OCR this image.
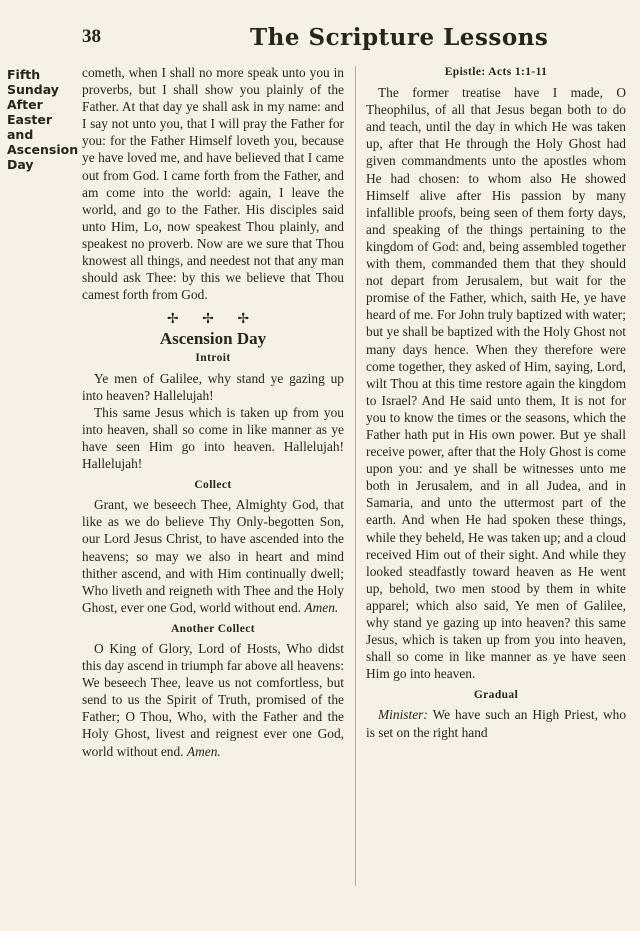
38	The Scripture Lessons
Fifth
Sunday
After
Easter and
Ascension
Day

cometh, when I shall no more speak unto you in proverbs, but I shall show you plainly of the Father. At that day ye shall ask in my name: and I say not unto you, that I will pray the Father for you: for the Father Himself loveth you, because ye have loved me, and have believed that I came out from God. I came forth from the Father, and am come into the world: again, I leave the world, and go to the Father. His disciples said unto Him, Lo, now speakest Thou plainly, and speakest no proverb. Now are we sure that Thou knowest all things, and needest not that any man should ask Thee: by this we believe that Thou camest forth from God.

✢ ✢ ✢
Ascension Day
Introit

Ye men of Galilee, why stand ye gazing up into heaven? Hallelujah!

This same Jesus which is taken up from you into heaven, shall so come in like manner as ye have seen Him go into heaven. Hallelujah! Hallelujah!

Collect

Grant, we beseech Thee, Almighty God, that like as we do believe Thy Only-begotten Son, our Lord Jesus Christ, to have ascended into the heavens; so may we also in heart and mind thither ascend, and with Him continually dwell; Who liveth and reigneth with Thee and the Holy Ghost, ever one God, world without end. Amen.

Another Collect

O King of Glory, Lord of Hosts, Who didst this day ascend in triumph far above all heavens: We beseech Thee, leave us not comfortless, but send to us the Spirit of Truth, promised of the Father; O Thou, Who, with the Father and the Holy Ghost, livest and reignest ever one God, world without end. Amen.

Epistle: Acts 1:1-11

The former treatise have I made, O Theophilus, of all that Jesus began both to do and teach, until the day in which He was taken up, after that He through the Holy Ghost had given commandments unto the apostles whom He had chosen: to whom also He showed Himself alive after His passion by many infallible proofs, being seen of them forty days, and speaking of the things pertaining to the kingdom of God: and, being assembled together with them, commanded them that they should not depart from Jerusalem, but wait for the promise of the Father, which, saith He, ye have heard of me. For John truly baptized with water; but ye shall be baptized with the Holy Ghost not many days hence. When they therefore were come together, they asked of Him, saying, Lord, wilt Thou at this time restore again the kingdom to Israel? And He said unto them, It is not for you to know the times or the seasons, which the Father hath put in His own power. But ye shall receive power, after that the Holy Ghost is come upon you: and ye shall be witnesses unto me both in Jerusalem, and in all Judea, and in Samaria, and unto the uttermost part of the earth. And when He had spoken these things, while they beheld, He was taken up; and a cloud received Him out of their sight. And while they looked steadfastly toward heaven as He went up, behold, two men stood by them in white apparel; which also said, Ye men of Galilee, why stand ye gazing up into heaven? this same Jesus, which is taken up from you into heaven, shall so come in like manner as ye have seen Him go into heaven.

Gradual

Minister: We have such an High Priest, who is set on the right hand
